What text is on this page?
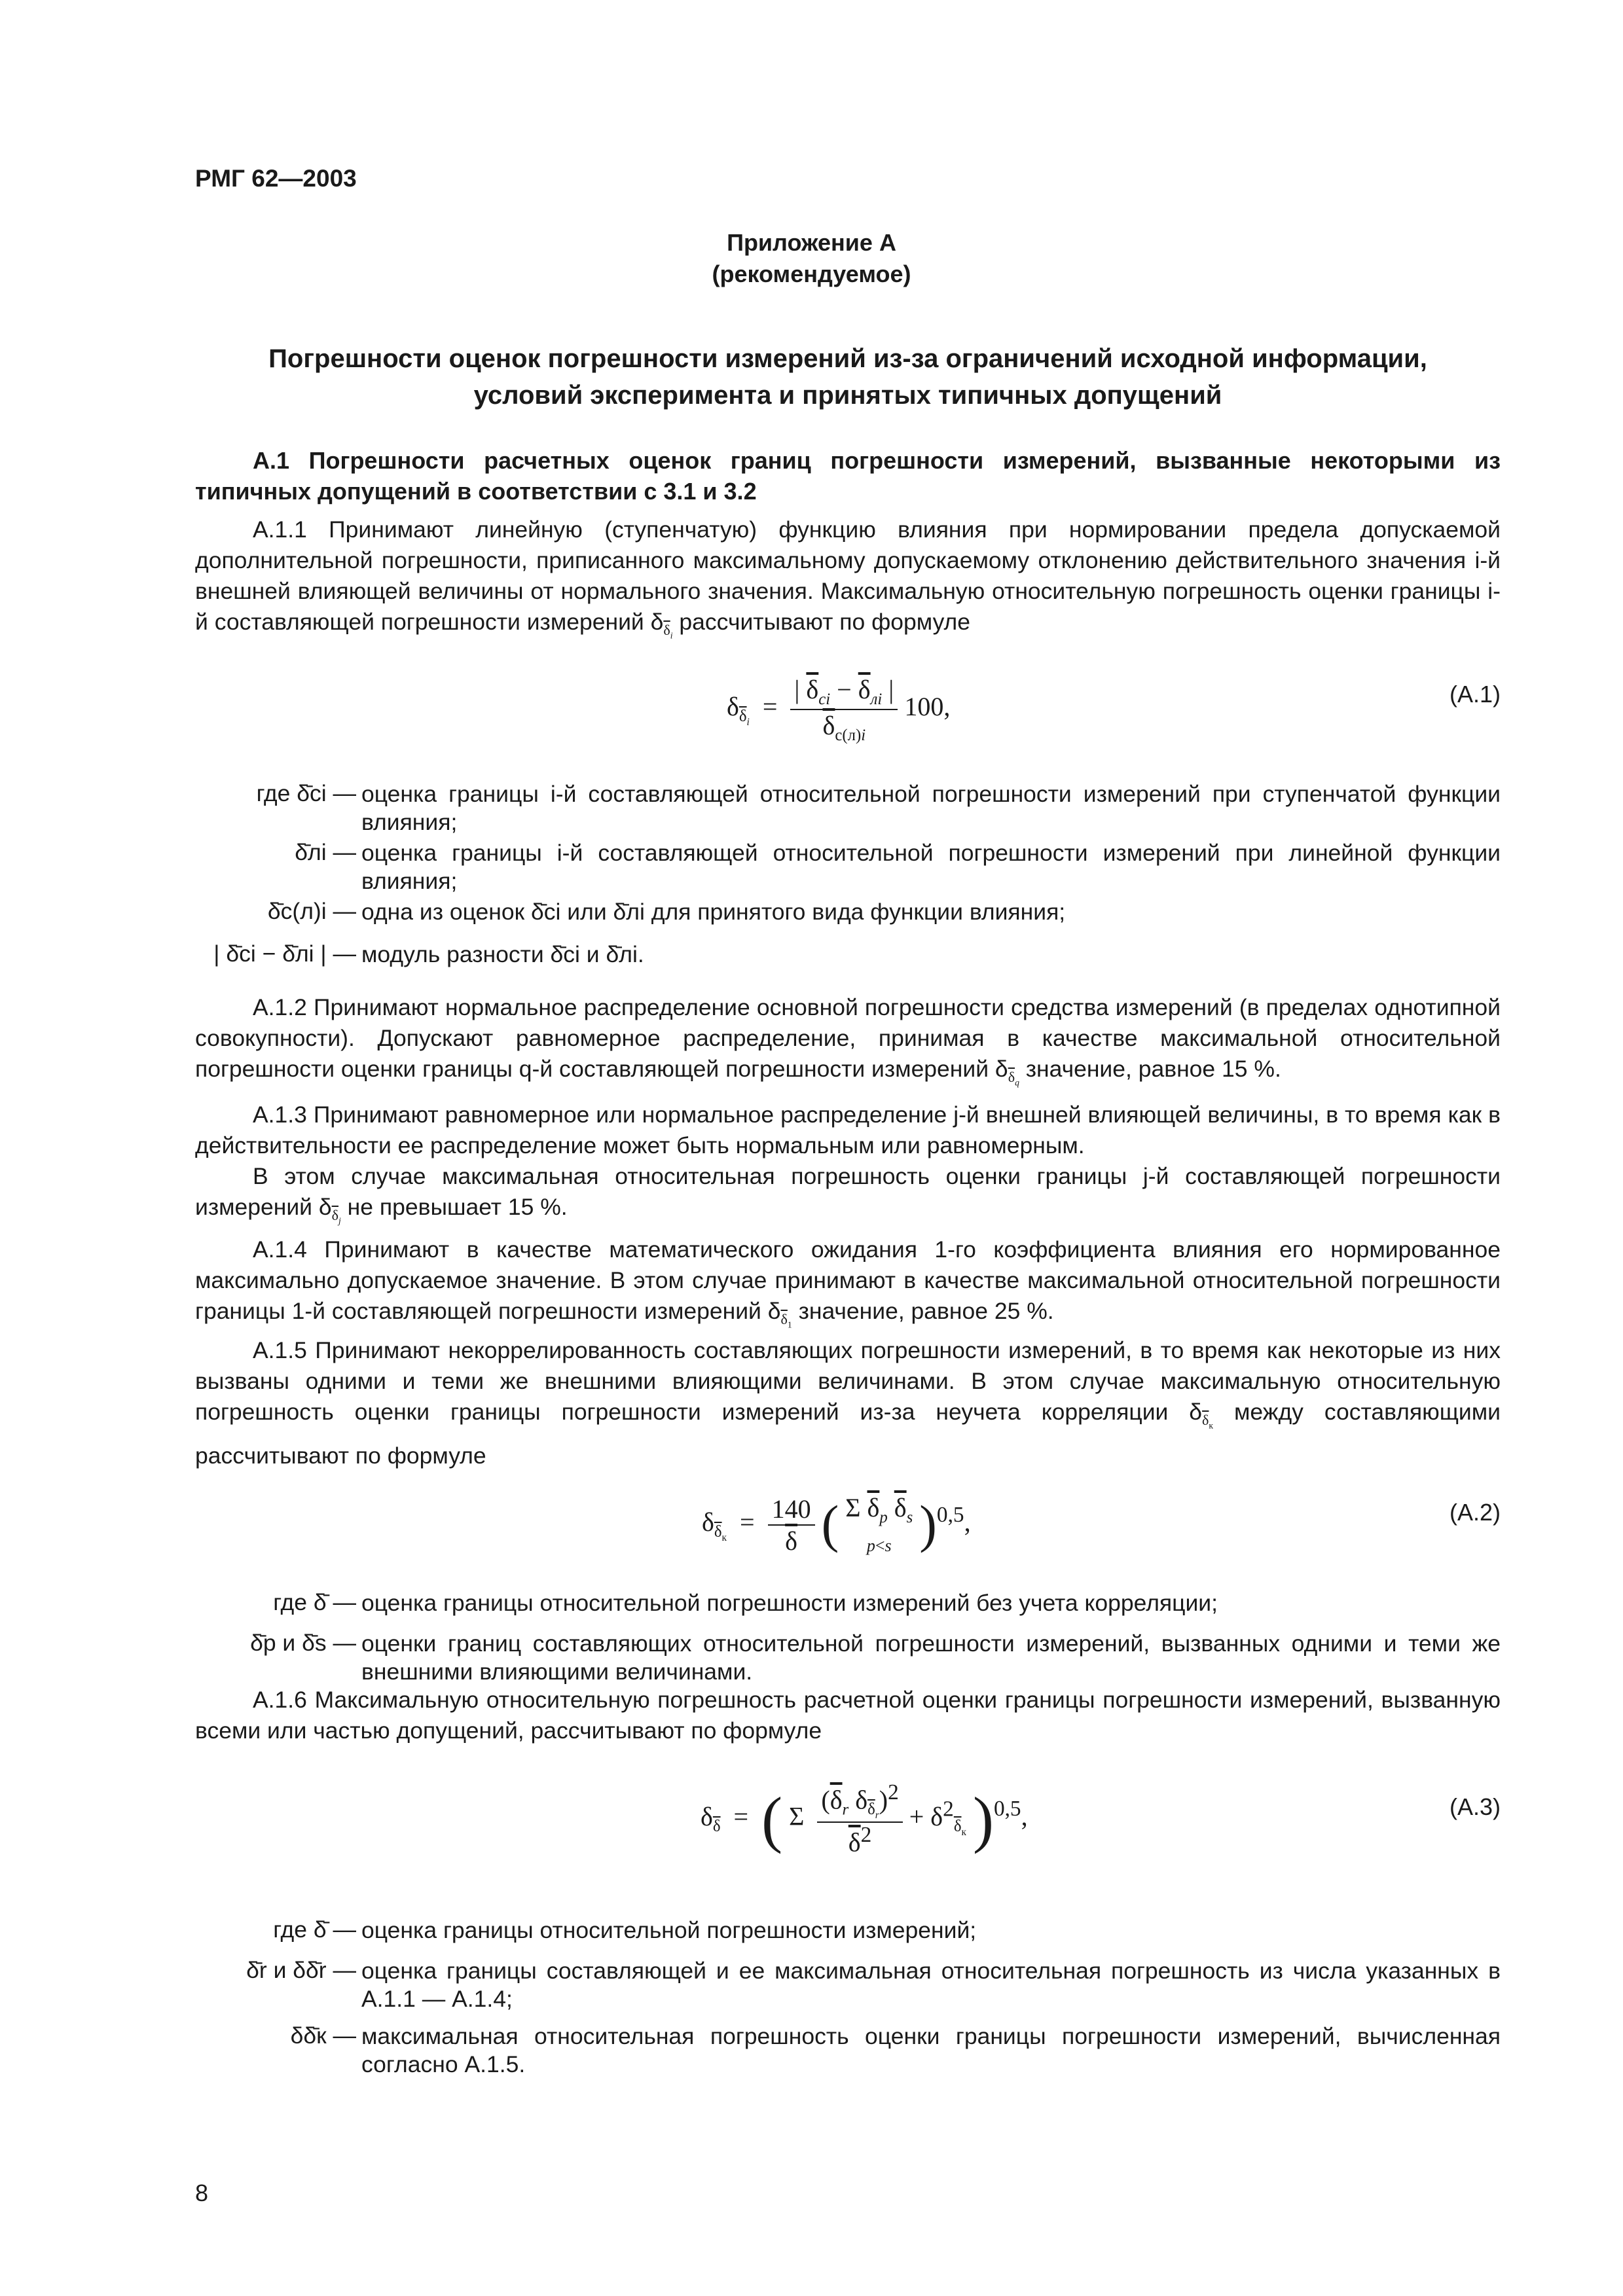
РМГ 62—2003
Приложение А
(рекомендуемое)
Погрешности оценок погрешности измерений из-за ограничений исходной информации,
условий эксперимента и принятых типичных допущений

А.1 Погрешности расчетных оценок границ погрешности измерений, вызванные некоторыми из типичных допущений в соответствии с 3.1 и 3.2

А.1.1 Принимают линейную (ступенчатую) функцию влияния при нормировании предела допускаемой дополнительной погрешности, приписанного максимальному допускаемому отклонению действительного значения i-й внешней влияющей величины от нормального значения. Максимальную относительную погрешность оценки границы i-й составляющей погрешности измерений $\delta_{\overline{\delta}_i}$ рассчитывают по формуле

$\delta_{\overline{\delta}_i} = \frac{| \overline{\delta}_{ci} - \overline{\delta}_{лi} |}{\overline{\delta}_{с(л)i}} 100$,	(А.1)
где δ̄ci — оценка границы i-й составляющей относительной погрешности измерений при ступенчатой функции влияния;
δ̄лi — оценка границы i-й составляющей относительной погрешности измерений при линейной функции влияния;
δ̄с(л)i — одна из оценок δ̄ci или δ̄лi для принятого вида функции влияния;
| δ̄ci − δ̄лi | — модуль разности δ̄ci и δ̄лi.

А.1.2 Принимают нормальное распределение основной погрешности средства измерений (в пределах однотипной совокупности). Допускают равномерное распределение, принимая в качестве максимальной относительной погрешности оценки границы q-й составляющей погрешности измерений $\delta_{\overline{\delta}_q}$ значение, равное 15 %.

А.1.3 Принимают равномерное или нормальное распределение j-й внешней влияющей величины, в то время как в действительности ее распределение может быть нормальным или равномерным.

В этом случае максимальная относительная погрешность оценки границы j-й составляющей погрешности измерений $\delta_{\overline{\delta}_j}$ не превышает 15 %.

А.1.4 Принимают в качестве математического ожидания 1-го коэффициента влияния его нормированное максимально допускаемое значение. В этом случае принимают в качестве максимальной относительной погрешности границы 1-й составляющей погрешности измерений $\delta_{\overline{\delta}_1}$ значение, равное 25 %.

А.1.5 Принимают некоррелированность составляющих погрешности измерений, в то время как некоторые из них вызваны одними и теми же внешними влияющими величинами. В этом случае максимальную относительную погрешность оценки границы погрешности измерений из-за неучета корреляции $\delta_{\overline{\delta}_к}$ между составляющими рассчитывают по формуле

$\delta_{\overline{\delta}_к} = \frac{140}{\delta}$ ( Σ $\overline{\delta}_p$ $\overline{\delta}_s$
p<s )$^{0,5}$,	(А.2)
где δ̄ — оценка границы относительной погрешности измерений без учета корреляции;
δ̄p и δ̄s — оценки границ составляющих относительной погрешности измерений, вызванных одними и теми же внешними влияющими величинами.

А.1.6 Максимальную относительную погрешность расчетной оценки границы погрешности измерений, вызванную всеми или частью допущений, рассчитывают по формуле

$\delta_{\overline{\delta}}$  =  ( Σ $\frac{(\overline{\delta}_r \delta_{\overline{\delta}_r})^2}{\overline{\delta}^2} + \delta^2_{\overline{\delta}_к}$ )$^{0,5}$,	(А.3)
где δ̄ — оценка границы относительной погрешности измерений;
δ̄r и δδ̄r — оценка границы составляющей и ее максимальная относительная погрешность из числа указанных в А.1.1 — А.1.4;
δδ̄к — максимальная относительная погрешность оценки границы погрешности измерений, вычисленная согласно А.1.5.
8
